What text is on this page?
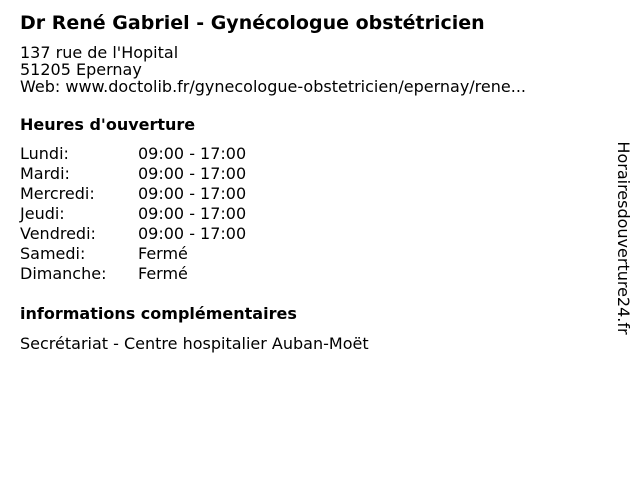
Dr René Gabriel - Gynécologue obstétricien
137 rue de l'Hopital
51205 Epernay
Web: www.doctolib.fr/gynecologue-obstetricien/epernay/rene...
Heures d'ouverture
Lundi:	09:00 - 17:00
Mardi:	09:00 - 17:00
Mercredi:	09:00 - 17:00
Jeudi:	09:00 - 17:00
Vendredi:	09:00 - 17:00
Samedi:	Fermé
Dimanche:	Fermé
informations complémentaires
Secrétariat - Centre hospitalier Auban-Moët
Horairesdouverture24.fr
